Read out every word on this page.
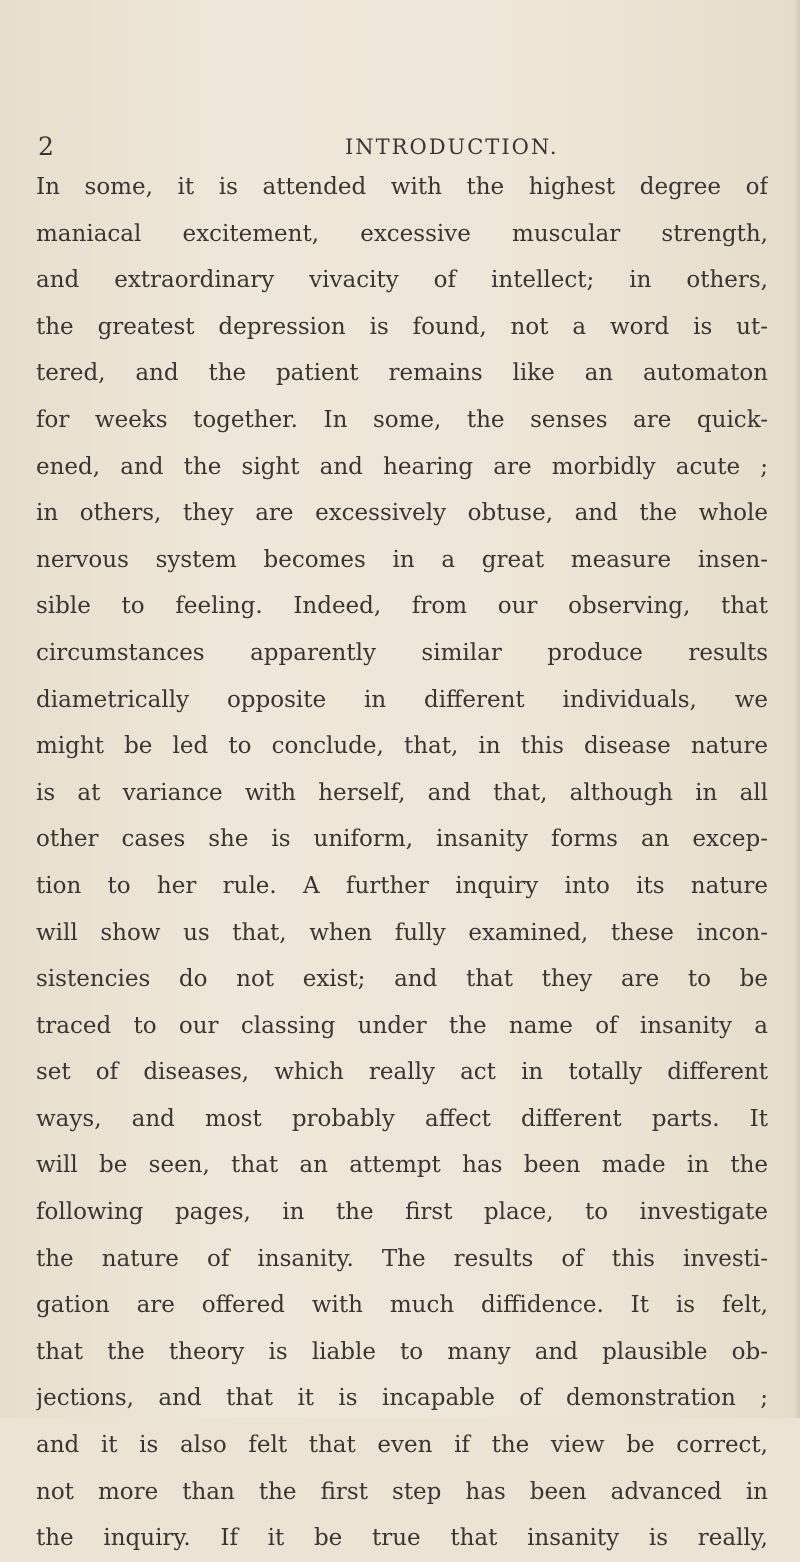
2	INTRODUCTION.
In some, it is attended with the highest degree of
maniacal excitement, excessive muscular strength,
and extraordinary vivacity of intellect; in others,
the greatest depression is found, not a word is ut-
tered, and the patient remains like an automaton
for weeks together. In some, the senses are quick-
ened, and the sight and hearing are morbidly acute ;
in others, they are excessively obtuse, and the whole
nervous system becomes in a great measure insen-
sible to feeling. Indeed, from our observing, that
circumstances apparently similar produce results
diametrically opposite in different individuals, we
might be led to conclude, that, in this disease nature
is at variance with herself, and that, although in all
other cases she is uniform, insanity forms an excep-
tion to her rule. A further inquiry into its nature
will show us that, when fully examined, these incon-
sistencies do not exist; and that they are to be
traced to our classing under the name of insanity a
set of diseases, which really act in totally different
ways, and most probably affect different parts. It
will be seen, that an attempt has been made in the
following pages, in the first place, to investigate
the nature of insanity. The results of this investi-
gation are offered with much diffidence. It is felt,
that the theory is liable to many and plausible ob-
jections, and that it is incapable of demonstration ;
and it is also felt that even if the view be correct,
not more than the first step has been advanced in
the inquiry. If it be true that insanity is really,
